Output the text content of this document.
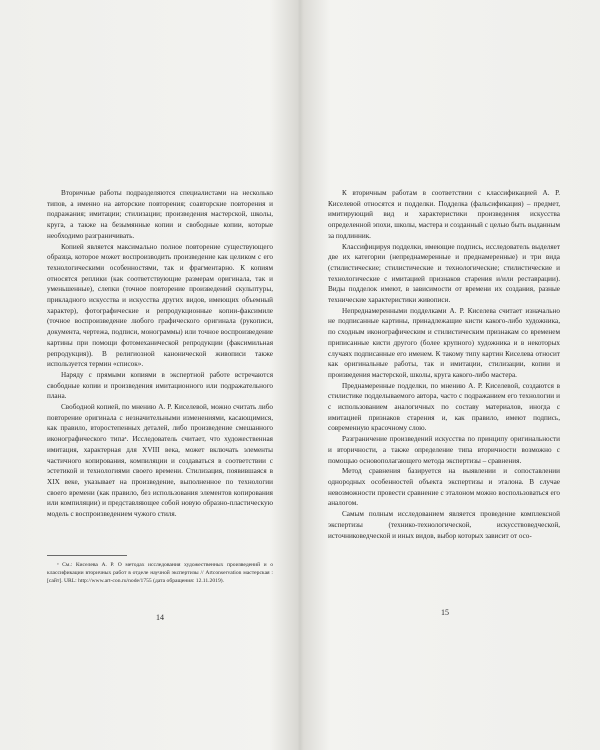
Вторичные работы подразделяются специалистами на несколько типов, а именно на авторские повторения; соавторские повторения и подражания; имитации; стилизации; произведения мастерской, школы, круга, а также на безымянные копии и свободные копии, которые необходимо разграничивать.

Копией является максимально полное повторение существующего образца, которое может воспроизводить произведение как целиком с его технологическими особенностями, так и фрагментарно. К копиям относятся реплики (как соответствующие размерам оригинала, так и уменьшенные), слепки (точное повторение произведений скульптуры, прикладного искусства и искусства других видов, имеющих объемный характер), фотографические и репродукционные копии-факсимиле (точное воспроизведение любого графического оригинала (рукописи, документа, чертежа, подписи, монограммы) или точное воспроизведение картины при помощи фотомеханической репродукции (факсимильная репродукция)). В религиозной канонической живописи также используется термин «список».

Наряду с прямыми копиями в экспертной работе встречаются свободные копии и произведения имитационного или подражательного плана.

Свободной копией, по мнению А. Р. Киселевой, можно считать либо повторение оригинала с незначительными изменениями, касающимися, как правило, второстепенных деталей, либо произведение смешанного иконографического типаᵃ. Исследователь считает, что художественная имитация, характерная для XVIII века, может включать элементы частичного копирования, компиляции и создаваться в соответствии с эстетикой и технологиями своего времени. Стилизация, появившаяся в XIX веке, указывает на произведение, выполненное по технологии своего времени (как правило, без использования элементов копирования или компиляции) и представляющее собой новую образно-пластическую модель с воспроизведением чужого стиля.

ᵃ См.: Киселева А. Р. О методах исследования художественных произведений и о классификации вторичных работ в отделе научной экспертизы // Artconservation мастерская : [сайт]. URL: http://www.art-con.ru/node/1755 (дата обращения: 12.11.2019).
14

К вторичным работам в соответствии с классификацией А. Р. Киселевой относятся и подделки. Подделка (фальсификация) – предмет, имитирующий вид и характеристики произведения искусства определенной эпохи, школы, мастера и созданный с целью быть выданным за подлинник.

Классифицируя подделки, имеющие подпись, исследователь выделяет две их категории (непреднамеренные и преднамеренные) и три вида (стилистические; стилистические и технологические; стилистические и технологические с имитацией признаков старения и/или реставрации). Виды подделок имеют, в зависимости от времени их создания, разные технические характеристики живописи.

Непреднамеренными подделками А. Р. Киселева считает изначально не подписанные картины, принадлежащие кисти какого-либо художника, по сходным иконографическим и стилистическим признакам со временем приписанные кисти другого (более крупного) художника и в некоторых случаях подписанные его именем. К такому типу картин Киселева относит как оригинальные работы, так и имитации, стилизации, копии и произведения мастерской, школы, круга какого-либо мастера.

Преднамеренные подделки, по мнению А. Р. Киселевой, создаются в стилистике подделываемого автора, часто с подражанием его технологии и с использованием аналогичных по составу материалов, иногда с имитацией признаков старения и, как правило, имеют подпись, современную красочному слою.

Разграничение произведений искусства по принципу оригинальности и вторичности, а также определение типа вторичности возможно с помощью основополагающего метода экспертизы – сравнения.

Метод сравнения базируется на выявлении и сопоставлении однородных особенностей объекта экспертизы и эталона. В случае невозможности провести сравнение с эталоном можно воспользоваться его аналогом.

Самым полным исследованием является проведение комплексной экспертизы (технико-технологической, искусствоведческой, источниковедческой и иных видов, выбор которых зависит от осо-

15
